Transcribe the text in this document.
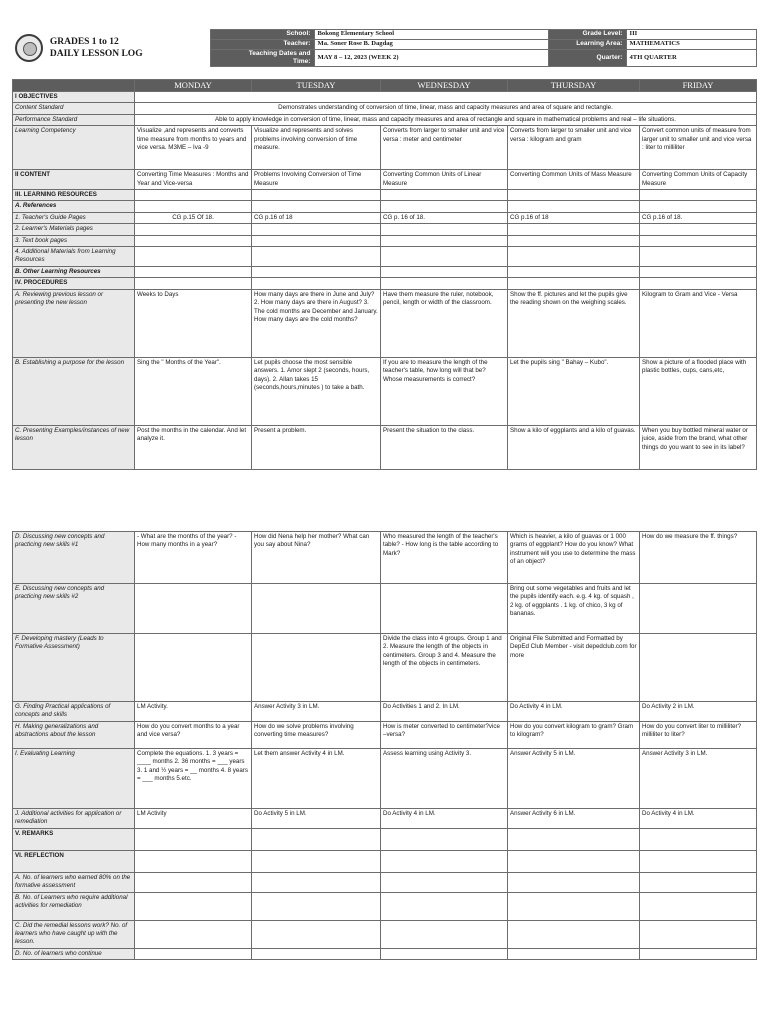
GRADES 1 to 12
DAILY LESSON LOG	School:	Bokong Elementary School	Grade Level:	III
	Teacher:	Ma. Soner Rose B. Dagdag	Learning Area:	MATHEMATICS
	Teaching Dates and
Time:	MAY 8 – 12, 2023 (WEEK 2)	Quarter:	4TH QUARTER

	MONDAY	TUESDAY	WEDNESDAY	THURSDAY	FRIDAY
I OBJECTIVES					
Content Standard	Demonstrates understanding of conversion of time, linear, mass and capacity measures and area of square and rectangle.				
Performance Standard	Able to apply knowledge in conversion of time, linear, mass and capacity measures and area of rectangle and square in mathematical problems and real – life situations.				
Learning Competency	Visualize ,and represents and converts time measure from months to years and vice versa. M3ME – Iva -9	Visualize and represents and solves problems involving conversion of time measure.	Converts from larger to smaller unit and vice versa : meter and centimeter	Converts from larger to smaller unit and vice versa : kilogram and gram	Convert common units of measure from larger unit to smaller unit and vice versa : liter to milliliter
II CONTENT	Converting Time Measures : Months and Year and Vice-versa	Problems Involving Conversion of Time Measure	Converting Common Units of Linear Measure	Converting Common Units of Mass Measure	Converting Common Units of Capacity Measure
III. LEARNING RESOURCES					
A. References					
1. Teacher's Guide Pages	CG p.15 Of 18.	CG p.16 of 18	CG p. 16 of 18.	CG p.16 of 18	CG p.16 of 18.
2. Learner's Materials pages					
3. Text book pages					
4. Additional Materials from Learning Resources					
B. Other Learning Resources					
IV. PROCEDURES					
A. Reviewing previous lesson or presenting the new lesson	Weeks to Days	How many days are there in June and July? 2. How many days are there in August? 3. The cold months are December and January. How many days are the cold months?	Have them measure the ruler, notebook, pencil, length or width of the classroom.	Show the ff. pictures and let the pupils give the reading shown on the weighing scales.	Kilogram to Gram and Vice - Versa
B. Establishing a purpose for the lesson	Sing the " Months of the Year".	Let pupils choose the most sensible answers. 1. Amor slept 2 (seconds, hours, days). 2. Allan takes 15 (seconds,hours,minutes ) to take a bath.	If you are to measure the length of the teacher's table, how long will that be? Whose measurements is correct?	Let the pupils sing " Bahay – Kubo".	Show a picture of a flooded place with plastic bottles, cups, cans,etc,
C. Presenting Examples/instances of new lesson	Post the months in the calendar. And let analyze it.	Present a problem.	Present the situation to the class.	Show a kilo of eggplants and a kilo of guavas.	When you buy bottled mineral water or juice, aside from the brand, what other things do you want to see in its label?
D. Discussing new concepts and practicing new skills #1	- What are the months of the year? - How many months in a year?	How did Nena help her mother? What can you say about Nina?	Who measured the length of the teacher's table? - How long is the table according to Mark?	Which is heavier, a kilo of guavas or 1 000 grams of eggplant? How do you know? What instrument will you use to determine the mass of an object?	How do we measure the ff. things?
E. Discussing new concepts and practicing new skills #2				Bring out some vegetables and fruits and let the pupils identify each. e.g. 4 kg. of squash , 2 kg. of eggplants . 1 kg. of chico, 3 kg of bananas.	
F. Developing mastery (Leads to Formative Assessment)			Divide the class into 4 groups. Group 1 and 2. Measure the length of the objects in centimeters. Group 3 and 4. Measure the length of the objects in centimeters.	Original File Submitted and Formatted by DepEd Club Member - visit depedclub.com for more	
G. Finding Practical applications of concepts and skills	LM Activity.	Answer Activity 3 in LM.	Do Activities 1 and 2. In LM.	Do Activity 4 in LM.	Do Activity 2 in LM.
H. Making generalizations and abstractions about the lesson	How do you convert months to a year and vice versa?	How do we solve problems involving converting time measures?	How is meter converted to centimeter?vice –versa?	How do you convert kilogram to gram? Gram to kilogram?	How do you convert liter to milliliter? milliliter to liter?
I. Evaluating Learning	Complete the equations. 1. 3 years = ____ months 2. 36 months = ___ years 3. 1 and ½ years = __ months 4. 8 years = ___ months 5.etc.	Let them answer Activity 4 in LM.	Assess learning using Activity 3.	Answer Activity 5 in LM.	Answer Activity 3 in LM.
J. Additional activities for application or remediation	LM Activity	Do Activity 5 in LM.	Do Activity 4 in LM.	Answer Activity 6 in LM.	Do Activity 4 in LM.
V. REMARKS					
VI. REFLECTION					
A. No. of learners who earned 80% on the formative assessment					
B. No. of Learners who require additional activities for remediation					
C. Did the remedial lessons work? No. of learners who have caught up with the lesson.					
D. No. of learners who continue					
